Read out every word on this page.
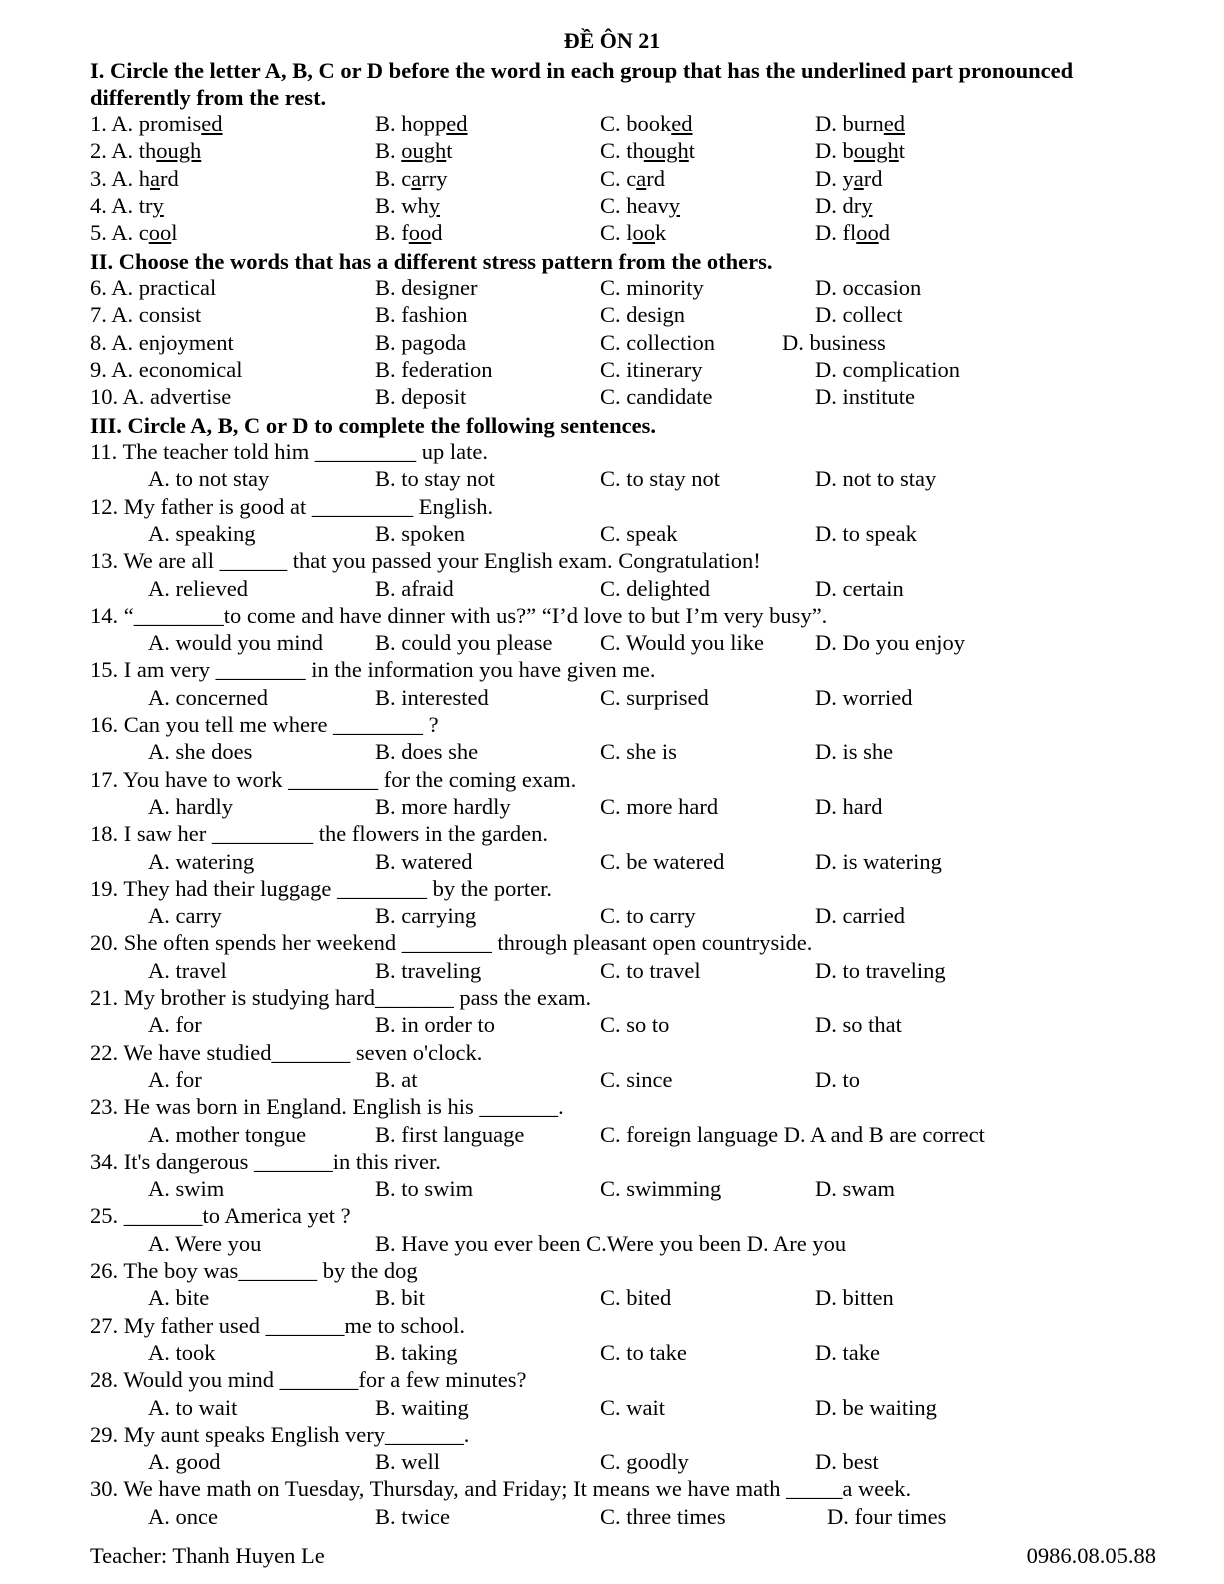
ĐỀ ÔN 21
I. Circle the letter A, B, C or D before the word in each group that has the underlined part pronounced differently from the rest.
1. A. promised	B. hopped	C. booked	D. burned
2. A. though	B. ought	C. thought	D. bought
3. A. hard	B. carry	C. card	D. yard
4. A. try	B. why	C. heavy	D. dry
5. A. cool	B. food	C. look	D. flood
II. Choose the words that has a different stress pattern from the others.
6. A. practical	B. designer	C. minority	D. occasion
7. A. consist	B. fashion	C. design	D. collect
8. A. enjoyment	B. pagoda	C. collection	D. business
9. A. economical	B. federation	C. itinerary	D. complication
10. A. advertise	B. deposit	C. candidate	D. institute
III. Circle A, B, C or D to complete the following sentences.
11. The teacher told him _________ up late.
A. to not stay	B. to stay not	C. to stay not	D. not to stay
12. My father is good at _________ English.
A. speaking	B. spoken	C. speak	D. to speak
13. We are all ______ that you passed your English exam. Congratulation!
A. relieved	B. afraid	C. delighted	D. certain
14. “________to come and have dinner with us?” “I’d love to but I’m very busy”.
A. would you mind B. could you please C. Would you like D. Do you enjoy
15. I am very ________ in the information you have given me.
A. concerned	B. interested	C. surprised	D. worried
16. Can you tell me where ________ ?
A. she does	B. does she	C. she is	D. is she
17. You have to work ________ for the coming exam.
A. hardly	B. more hardly	C. more hard	D. hard
18. I saw her _________ the flowers in the garden.
A. watering	B. watered	C. be watered	D. is watering
19. They had their luggage ________ by the porter.
A. carry	B. carrying	C. to carry	D. carried
20. She often spends her weekend ________ through pleasant open countryside.
A. travel	B. traveling	C. to travel	D. to traveling
21. My brother is studying hard_______ pass the exam.
A. for	B. in order to	C. so to	D. so that
22. We have studied_______ seven o'clock.
A. for	B. at	C. since	D. to
23. He was born in England. English is his _______.
A. mother tongue	B. first language	C. foreign language D. A and B are correct
34. It's dangerous _______in this river.
A. swim	B. to swim	C. swimming	D. swam
25. _______to America yet ?
A. Were you	B. Have you ever been C.Were you been D. Are you
26. The boy was_______ by the dog
A. bite	B. bit	C. bited	D. bitten
27. My father used _______me to school.
A. took	B. taking	C. to take	D. take
28. Would you mind _______for a few minutes?
A. to wait	B. waiting	C. wait	D. be waiting
29. My aunt speaks English very_______.
A. good	B. well	C. goodly	D. best
30. We have math on Tuesday, Thursday, and Friday; It means we have math _____a week.
A. once	B. twice	C. three times	D. four times
Teacher: Thanh Huyen Le	0986.08.05.88
